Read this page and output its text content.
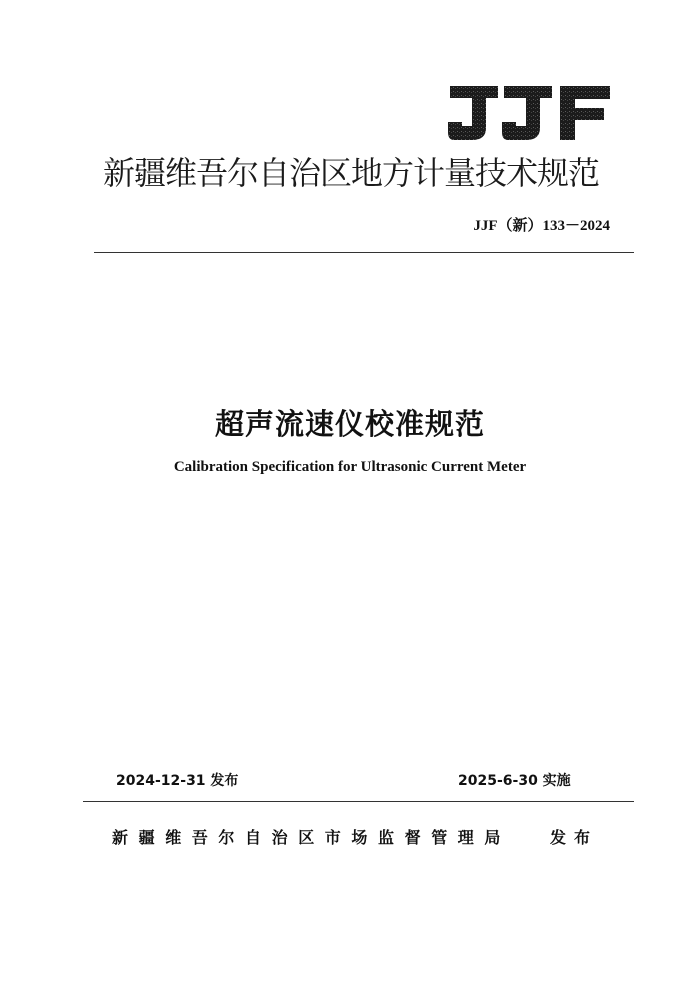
新疆维吾尔自治区地方计量技术规范
JJF（新）133－2024
超声流速仪校准规范
Calibration Specification for Ultrasonic Current Meter
2024-12-31 发布	2025-6-30 实施
新疆维吾尔自治区市场监督管理局 发布
